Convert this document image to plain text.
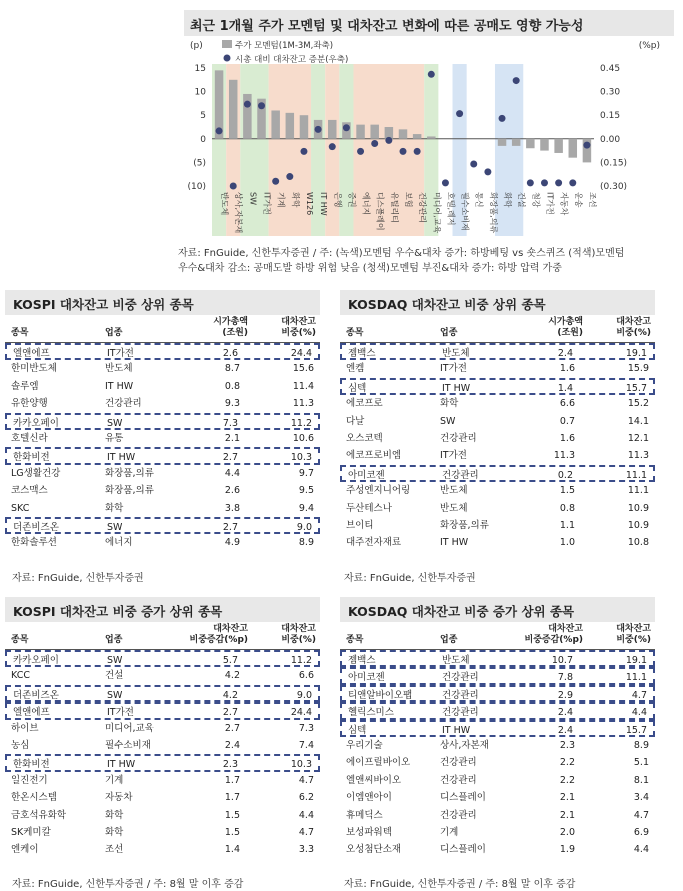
최근 1개월 주가 모멘텀 및 대차잔고 변화에 따른 공매도 영향 가능성
(p)	(%p)
주가 모멘텀(1M-3M,좌축)
시총 대비 대차잔고 증분(우축)
15
10
5
0
(5)
(10)
0.45
0.30
0.15
0.00
(0.15)
(0.30)
반도체 상사,자본재 SW IT가전 기계 화학 W126 IT HW 은행 증권 에너지 디스플레이 유틸리티 보험 건강관리 미디어,교육 호텔,레저 필수소비재 통신 화장품,의류 화학 건설 철강 IT가전 자동차 운송 조선
자료: FnGuide, 신한투자증권 / 주: (녹색)모멘텀 우수&대차 증가: 하방베팅 vs 숏스퀴즈 (적색)모멘텀
우수&대차 감소: 공매도발 하방 위험 낮음 (청색)모멘텀 부진&대차 증가: 하방 압력 가중
KOSPI 대차잔고 비중 상위 종목
종목	업종
시가총액
(조원)
대차잔고
비중(%)
엘앤에프	IT가전	2.6	24.4
한미반도체	반도체	8.7	15.6
솔루엠	IT HW	0.8	11.4
유한양행	건강관리	9.3	11.3
카카오페이	SW	7.3	11.2
호텔신라	유통	2.1	10.6
한화비전	IT HW	2.7	10.3
LG생활건강	화장품,의류	4.4	9.7
코스맥스	화장품,의류	2.6	9.5
SKC	화학	3.8	9.4
더존비즈온	SW	2.7	9.0
한화솔루션	에너지	4.9	8.9
KOSDAQ 대차잔고 비중 상위 종목
종목	업종
시가총액
(조원)
대차잔고
비중(%)
젬백스	반도체	2.4	19.1
엔켐	IT가전	1.6	15.9
심텍	IT HW	1.4	15.7
에코프로	화학	6.6	15.2
다날	SW	0.7	14.1
오스코텍	건강관리	1.6	12.1
에코프로비엠	IT가전	11.3	11.3
아미코젠	건강관리	0.2	11.1
주성엔지니어링	반도체	1.5	11.1
두산테스나	반도체	0.8	10.9
브이티	화장품,의류	1.1	10.9
대주전자재료	IT HW	1.0	10.8
자료: FnGuide, 신한투자증권	자료: FnGuide, 신한투자증권
KOSPI 대차잔고 비중 증가 상위 종목
종목	업종
대차잔고
비중증감(%p)
대차잔고
비중(%)
카카오페이	SW	5.7	11.2
KCC	건설	4.2	6.6
더존비즈온	SW	4.2	9.0
엘앤에프	IT가전	2.7	24.4
하이브	미디어,교육	2.7	7.3
농심	필수소비재	2.4	7.4
한화비전	IT HW	2.3	10.3
일진전기	기계	1.7	4.7
한온시스템	자동차	1.7	6.2
금호석유화학	화학	1.5	4.4
SK케미칼	화학	1.5	4.7
엔케이	조선	1.4	3.3
KOSDAQ 대차잔고 비중 증가 상위 종목
종목	업종
대차잔고
비중증감(%p)
대차잔고
비중(%)
젬백스	반도체	10.7	19.1
아미코젠	건강관리	7.8	11.1
티앤알바이오팹	건강관리	2.9	4.7
헬릭스미스	건강관리	2.4	4.4
심텍	IT HW	2.4	15.7
우리기술	상사,자본재	2.3	8.9
에이프릴바이오	건강관리	2.2	5.1
엘앤씨바이오	건강관리	2.2	8.1
이엠앤아이	디스플레이	2.1	3.4
휴메딕스	건강관리	2.1	4.7
보성파워텍	기계	2.0	6.9
오성첨단소재	디스플레이	1.9	4.4
자료: FnGuide, 신한투자증권 / 주: 8월 말 이후 증감	자료: FnGuide, 신한투자증권 / 주: 8월 말 이후 증감
